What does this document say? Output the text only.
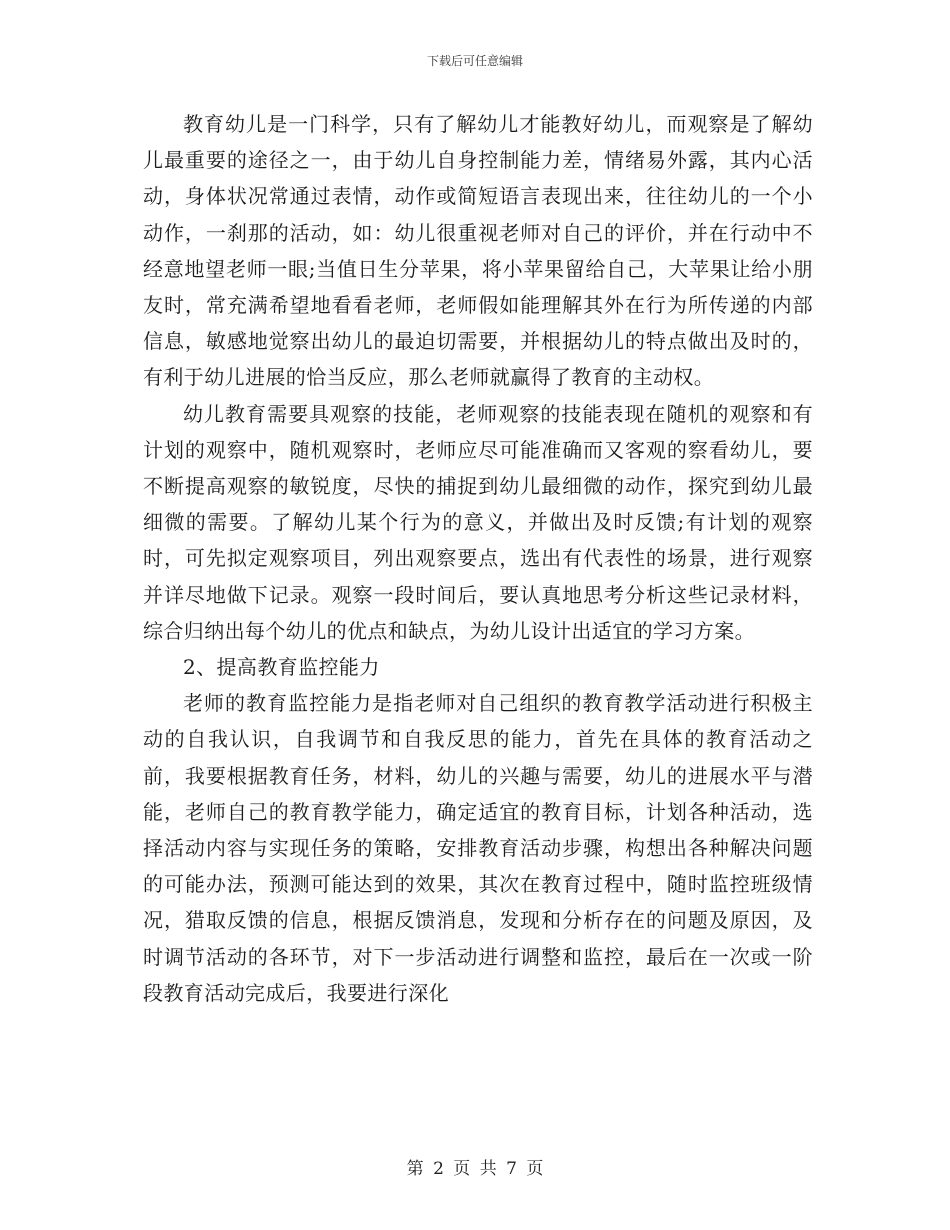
下载后可任意编辑

教育幼儿是一门科学，只有了解幼儿才能教好幼儿，而观察是了解幼儿最重要的途径之一，由于幼儿自身控制能力差，情绪易外露，其内心活动，身体状况常通过表情，动作或简短语言表现出来，往往幼儿的一个小动作，一刹那的活动，如：幼儿很重视老师对自己的评价，并在行动中不经意地望老师一眼;当值日生分苹果，将小苹果留给自己，大苹果让给小朋友时，常充满希望地看看老师，老师假如能理解其外在行为所传递的内部信息，敏感地觉察出幼儿的最迫切需要，并根据幼儿的特点做出及时的，有利于幼儿进展的恰当反应，那么老师就赢得了教育的主动权。

幼儿教育需要具观察的技能，老师观察的技能表现在随机的观察和有计划的观察中，随机观察时，老师应尽可能准确而又客观的察看幼儿，要不断提高观察的敏锐度，尽快的捕捉到幼儿最细微的动作，探究到幼儿最细微的需要。了解幼儿某个行为的意义，并做出及时反馈;有计划的观察时，可先拟定观察项目，列出观察要点，选出有代表性的场景，进行观察并详尽地做下记录。观察一段时间后，要认真地思考分析这些记录材料，综合归纳出每个幼儿的优点和缺点，为幼儿设计出适宜的学习方案。

2、提高教育监控能力

老师的教育监控能力是指老师对自己组织的教育教学活动进行积极主动的自我认识，自我调节和自我反思的能力，首先在具体的教育活动之前，我要根据教育任务，材料，幼儿的兴趣与需要，幼儿的进展水平与潜能，老师自己的教育教学能力，确定适宜的教育目标，计划各种活动，选择活动内容与实现任务的策略，安排教育活动步骤，构想出各种解决问题的可能办法，预测可能达到的效果，其次在教育过程中，随时监控班级情况，猎取反馈的信息，根据反馈消息，发现和分析存在的问题及原因，及时调节活动的各环节，对下一步活动进行调整和监控，最后在一次或一阶段教育活动完成后，我要进行深化

第 2 页 共 7 页
